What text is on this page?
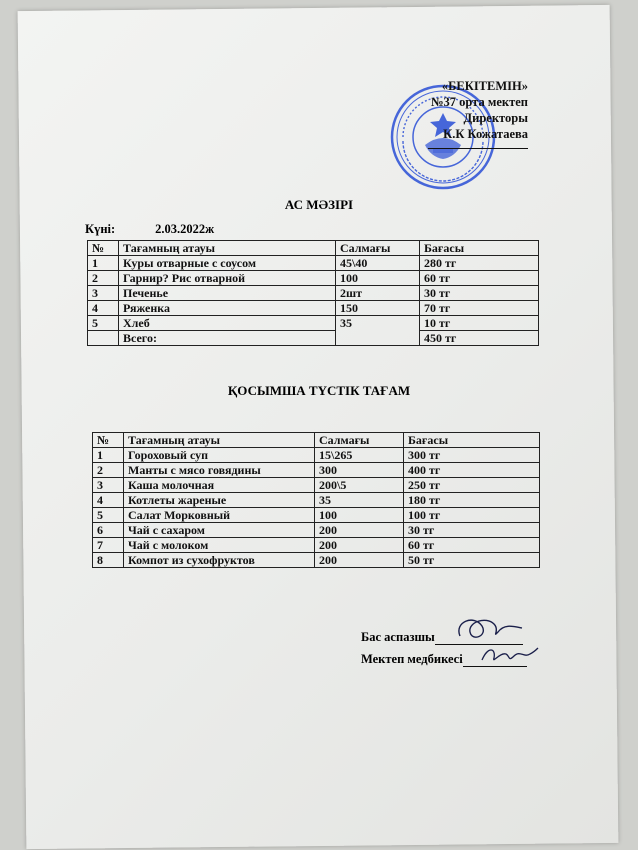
«БЕКІТЕМІН»
№37 орта мектеп
Директоры
К.К Кожатаева
АС МӘЗІРІ
Күні:	2.03.2022ж
№	Тағамның атауы	Салмағы	Бағасы
1	Куры отварные с соусом	45\40	280 тг
2	Гарнир? Рис отварной	100	60 тг
3	Печенье	2шт	30 тг
4	Ряженка	150	70 тг
5	Хлеб	35	10 тг
	Всего:		450 тг
ҚОСЫМША ТҮСТІК ТАҒАМ
№	Тағамның атауы	Салмағы	Бағасы
1	Гороховый суп	15\265	300 тг
2	Манты с мясо говядины	300	400 тг
3	Каша молочная	200\5	250 тг
4	Котлеты жареные	35	180 тг
5	Салат Морковный	100	100 тг
6	Чай с сахаром	200	30 тг
7	Чай с молоком	200	60 тг
8	Компот из сухофруктов	200	50 тг
Бас аспазшы
Мектеп медбикесі
